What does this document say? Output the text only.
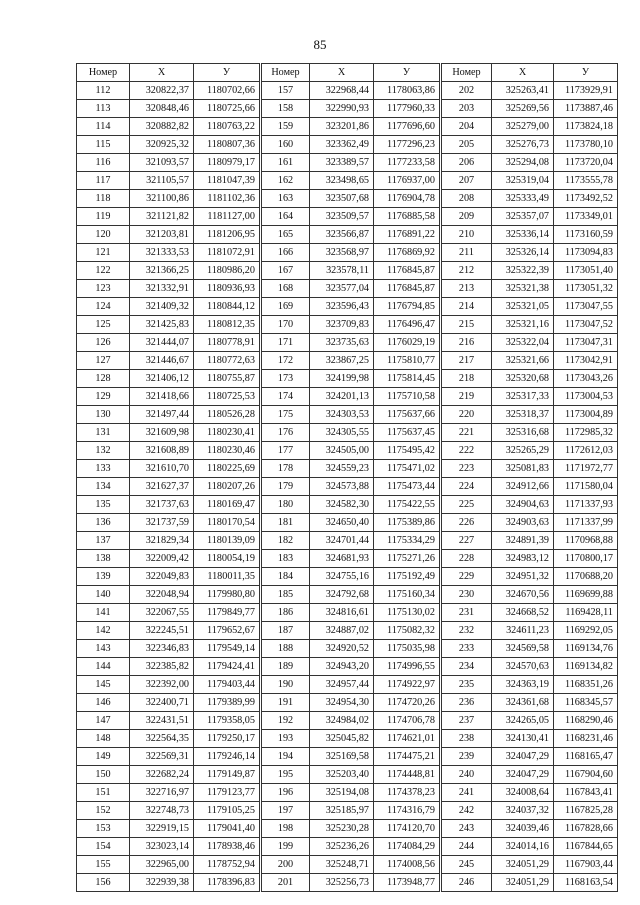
85
Номер	X	У
112	320822,37	1180702,66
113	320848,46	1180725,66
114	320882,82	1180763,22
115	320925,32	1180807,36
116	321093,57	1180979,17
117	321105,57	1181047,39
118	321100,86	1181102,36
119	321121,82	1181127,00
120	321203,81	1181206,95
121	321333,53	1181072,91
122	321366,25	1180986,20
123	321332,91	1180936,93
124	321409,32	1180844,12
125	321425,83	1180812,35
126	321444,07	1180778,91
127	321446,67	1180772,63
128	321406,12	1180755,87
129	321418,66	1180725,53
130	321497,44	1180526,28
131	321609,98	1180230,41
132	321608,89	1180230,46
133	321610,70	1180225,69
134	321627,37	1180207,26
135	321737,63	1180169,47
136	321737,59	1180170,54
137	321829,34	1180139,09
138	322009,42	1180054,19
139	322049,83	1180011,35
140	322048,94	1179980,80
141	322067,55	1179849,77
142	322245,51	1179652,67
143	322346,83	1179549,14
144	322385,82	1179424,41
145	322392,00	1179403,44
146	322400,71	1179389,99
147	322431,51	1179358,05
148	322564,35	1179250,17
149	322569,31	1179246,14
150	322682,24	1179149,87
151	322716,97	1179123,77
152	322748,73	1179105,25
153	322919,15	1179041,40
154	323023,14	1178938,46
155	322965,00	1178752,94
156	322939,38	1178396,83
Номер	X	У
157	322968,44	1178063,86
158	322990,93	1177960,33
159	323201,86	1177696,60
160	323362,49	1177296,23
161	323389,57	1177233,58
162	323498,65	1176937,00
163	323507,68	1176904,78
164	323509,57	1176885,58
165	323566,87	1176891,22
166	323568,97	1176869,92
167	323578,11	1176845,87
168	323577,04	1176845,87
169	323596,43	1176794,85
170	323709,83	1176496,47
171	323735,63	1176029,19
172	323867,25	1175810,77
173	324199,98	1175814,45
174	324201,13	1175710,58
175	324303,53	1175637,66
176	324305,55	1175637,45
177	324505,00	1175495,42
178	324559,23	1175471,02
179	324573,88	1175473,44
180	324582,30	1175422,55
181	324650,40	1175389,86
182	324701,44	1175334,29
183	324681,93	1175271,26
184	324755,16	1175192,49
185	324792,68	1175160,34
186	324816,61	1175130,02
187	324887,02	1175082,32
188	324920,52	1175035,98
189	324943,20	1174996,55
190	324957,44	1174922,97
191	324954,30	1174720,26
192	324984,02	1174706,78
193	325045,82	1174621,01
194	325169,58	1174475,21
195	325203,40	1174448,81
196	325194,08	1174378,23
197	325185,97	1174316,79
198	325230,28	1174120,70
199	325236,26	1174084,29
200	325248,71	1174008,56
201	325256,73	1173948,77
Номер	X	У
202	325263,41	1173929,91
203	325269,56	1173887,46
204	325279,00	1173824,18
205	325276,73	1173780,10
206	325294,08	1173720,04
207	325319,04	1173555,78
208	325333,49	1173492,52
209	325357,07	1173349,01
210	325336,14	1173160,59
211	325326,14	1173094,83
212	325322,39	1173051,40
213	325321,38	1173051,32
214	325321,05	1173047,55
215	325321,16	1173047,52
216	325322,04	1173047,31
217	325321,66	1173042,91
218	325320,68	1173043,26
219	325317,33	1173004,53
220	325318,37	1173004,89
221	325316,68	1172985,32
222	325265,29	1172612,03
223	325081,83	1171972,77
224	324912,66	1171580,04
225	324904,63	1171337,93
226	324903,63	1171337,99
227	324891,39	1170968,88
228	324983,12	1170800,17
229	324951,32	1170688,20
230	324670,56	1169699,88
231	324668,52	1169428,11
232	324611,23	1169292,05
233	324569,58	1169134,76
234	324570,63	1169134,82
235	324363,19	1168351,26
236	324361,68	1168345,57
237	324265,05	1168290,46
238	324130,41	1168231,46
239	324047,29	1168165,47
240	324047,29	1167904,60
241	324008,64	1167843,41
242	324037,32	1167825,28
243	324039,46	1167828,66
244	324014,16	1167844,65
245	324051,29	1167903,44
246	324051,29	1168163,54
